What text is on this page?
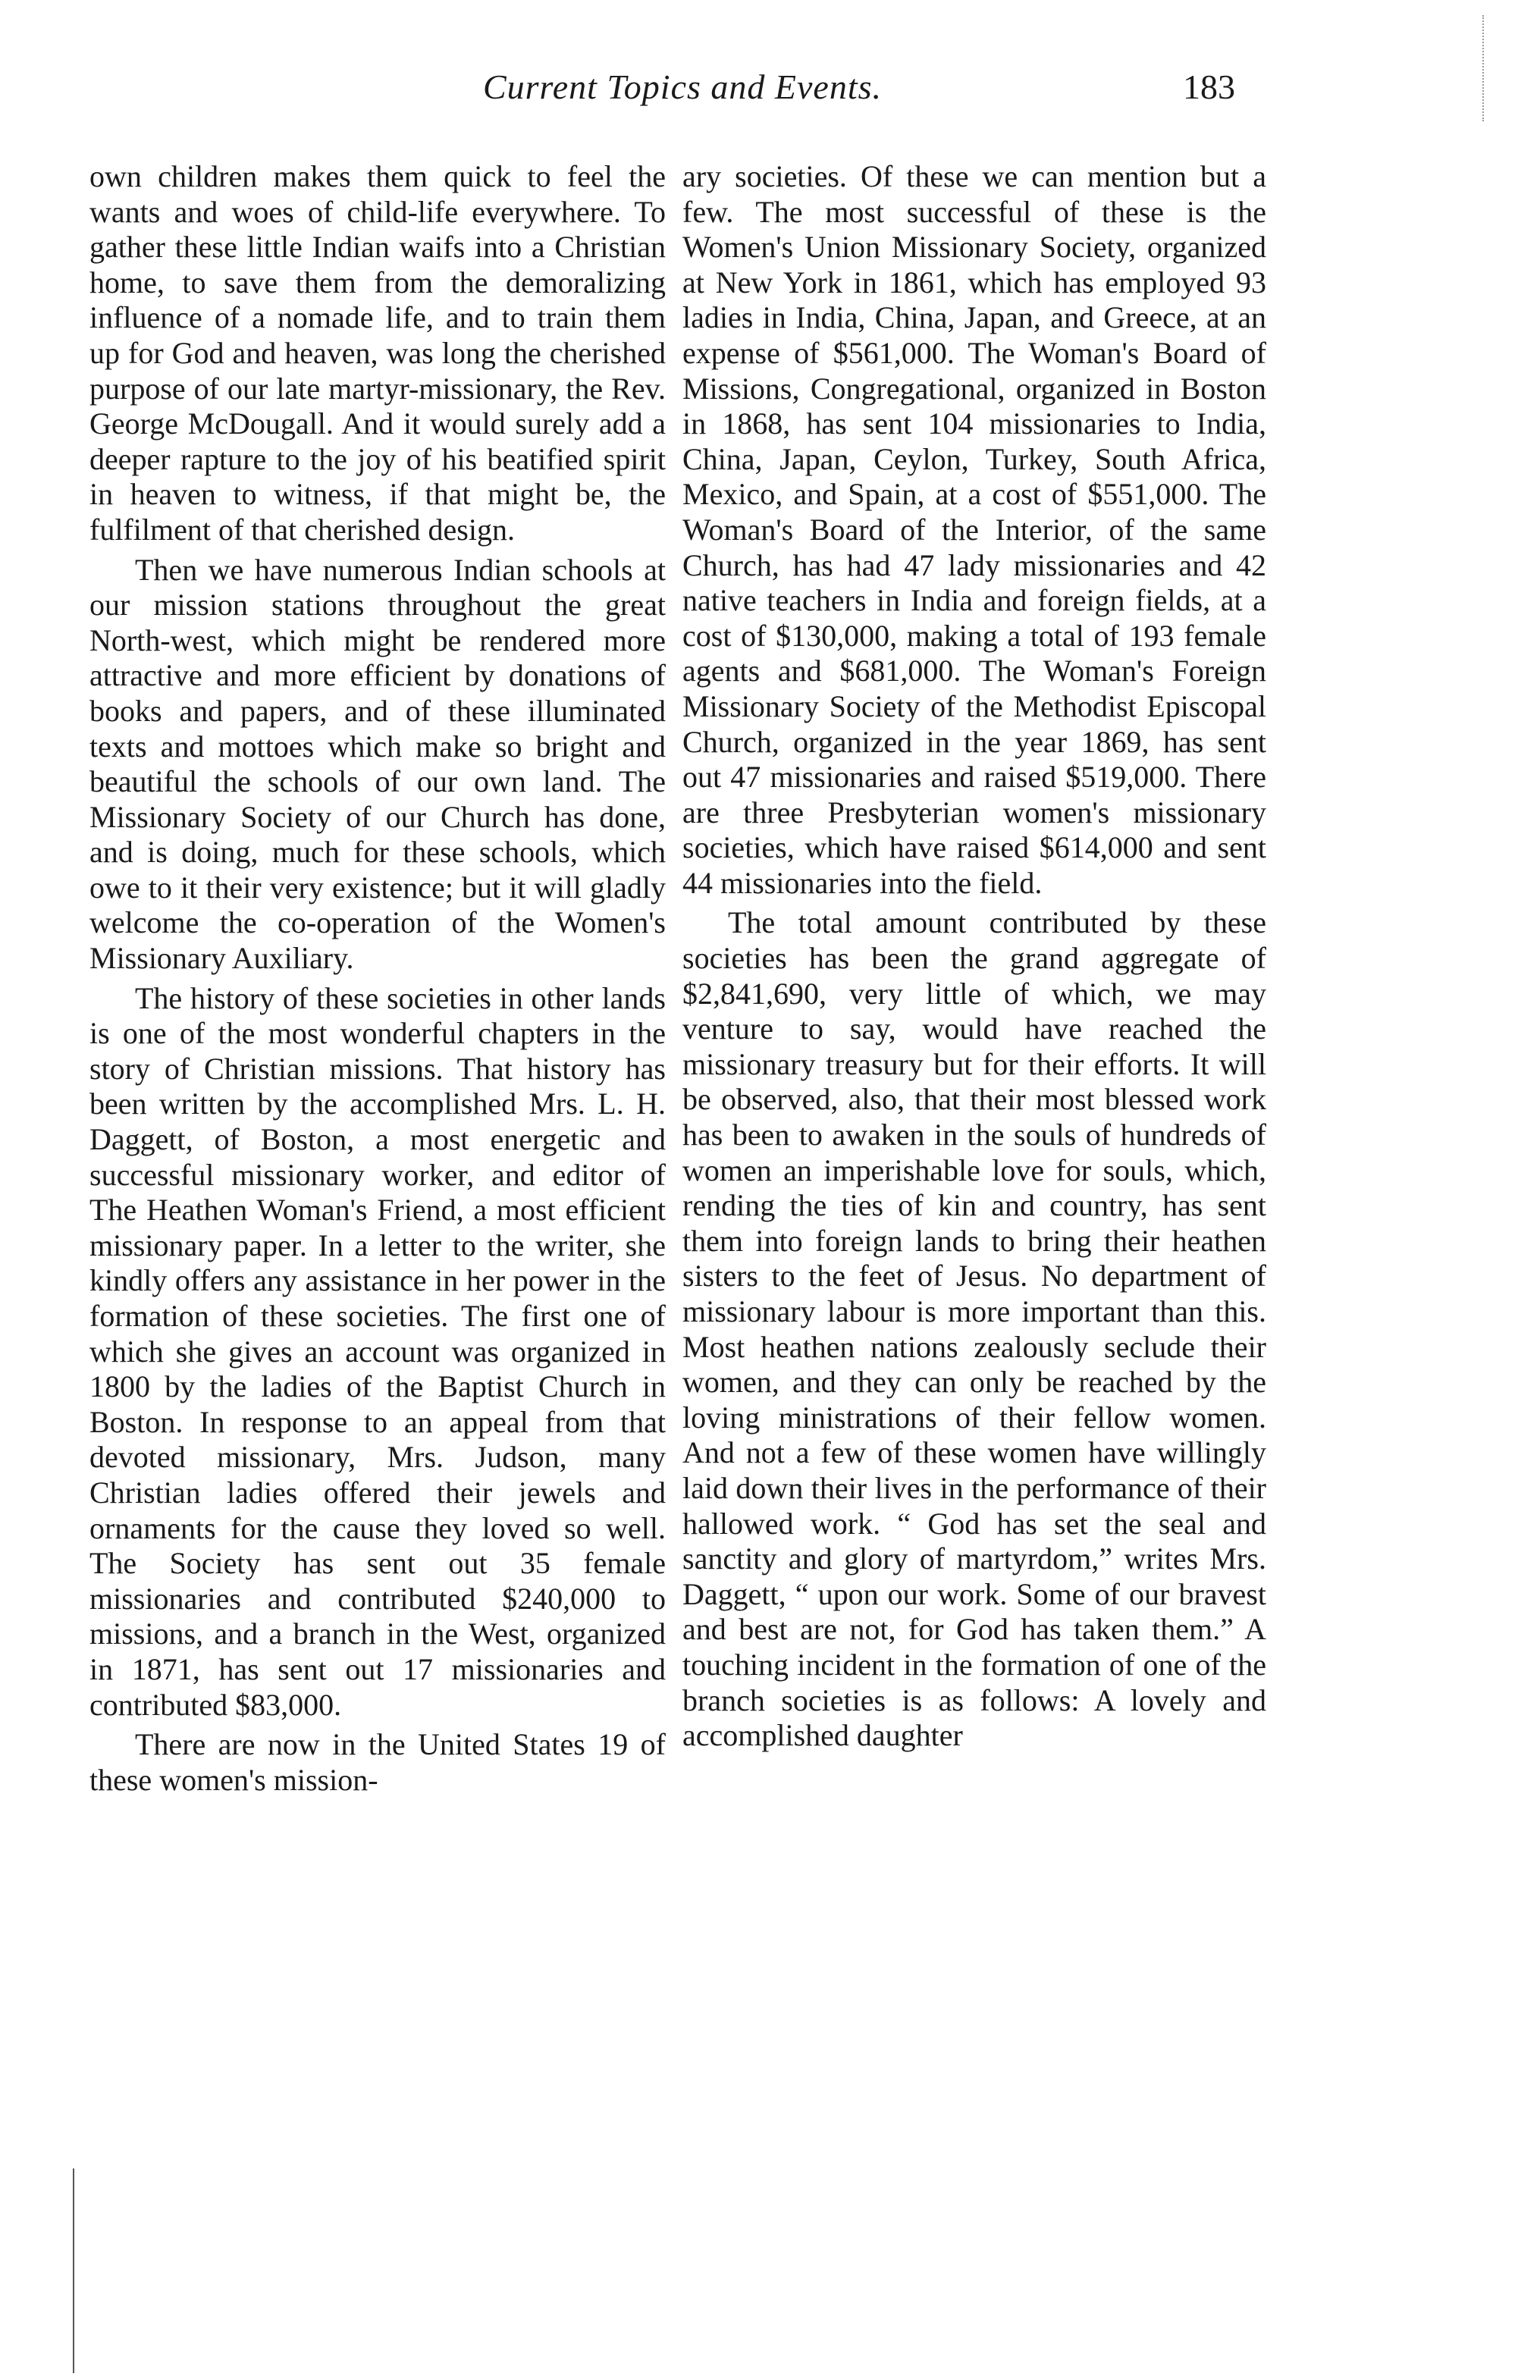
Current Topics and Events.	183

own children makes them quick to feel the wants and woes of child-life everywhere. To gather these little Indian waifs into a Christian home, to save them from the demoralizing influence of a nomade life, and to train them up for God and heaven, was long the cherished purpose of our late martyr-missionary, the Rev. George McDougall. And it would surely add a deeper rapture to the joy of his beatified spirit in heaven to witness, if that might be, the fulfilment of that cherished design.

Then we have numerous Indian schools at our mission stations throughout the great North-west, which might be rendered more attractive and more efficient by donations of books and papers, and of these illuminated texts and mottoes which make so bright and beautiful the schools of our own land. The Missionary Society of our Church has done, and is doing, much for these schools, which owe to it their very existence; but it will gladly welcome the co-operation of the Women's Missionary Auxiliary.

The history of these societies in other lands is one of the most wonderful chapters in the story of Christian missions. That history has been written by the accomplished Mrs. L. H. Daggett, of Boston, a most energetic and successful missionary worker, and editor of The Heathen Woman's Friend, a most efficient missionary paper. In a letter to the writer, she kindly offers any assistance in her power in the formation of these societies. The first one of which she gives an account was organized in 1800 by the ladies of the Baptist Church in Boston. In response to an appeal from that devoted missionary, Mrs. Judson, many Christian ladies offered their jewels and ornaments for the cause they loved so well. The Society has sent out 35 female missionaries and contributed $240,000 to missions, and a branch in the West, organized in 1871, has sent out 17 missionaries and contributed $83,000.

There are now in the United States 19 of these women's mission-

ary societies. Of these we can mention but a few. The most successful of these is the Women's Union Missionary Society, organized at New York in 1861, which has employed 93 ladies in India, China, Japan, and Greece, at an expense of $561,000. The Woman's Board of Missions, Congregational, organized in Boston in 1868, has sent 104 missionaries to India, China, Japan, Ceylon, Turkey, South Africa, Mexico, and Spain, at a cost of $551,000. The Woman's Board of the Interior, of the same Church, has had 47 lady missionaries and 42 native teachers in India and foreign fields, at a cost of $130,000, making a total of 193 female agents and $681,000. The Woman's Foreign Missionary Society of the Methodist Episcopal Church, organized in the year 1869, has sent out 47 missionaries and raised $519,000. There are three Presbyterian women's missionary societies, which have raised $614,000 and sent 44 missionaries into the field.

The total amount contributed by these societies has been the grand aggregate of $2,841,690, very little of which, we may venture to say, would have reached the missionary treasury but for their efforts. It will be observed, also, that their most blessed work has been to awaken in the souls of hundreds of women an imperishable love for souls, which, rending the ties of kin and country, has sent them into foreign lands to bring their heathen sisters to the feet of Jesus. No department of missionary labour is more important than this. Most heathen nations zealously seclude their women, and they can only be reached by the loving ministrations of their fellow women. And not a few of these women have willingly laid down their lives in the performance of their hallowed work. “ God has set the seal and sanctity and glory of martyrdom,” writes Mrs. Daggett, “ upon our work. Some of our bravest and best are not, for God has taken them.” A touching incident in the formation of one of the branch societies is as follows: A lovely and accomplished daughter
